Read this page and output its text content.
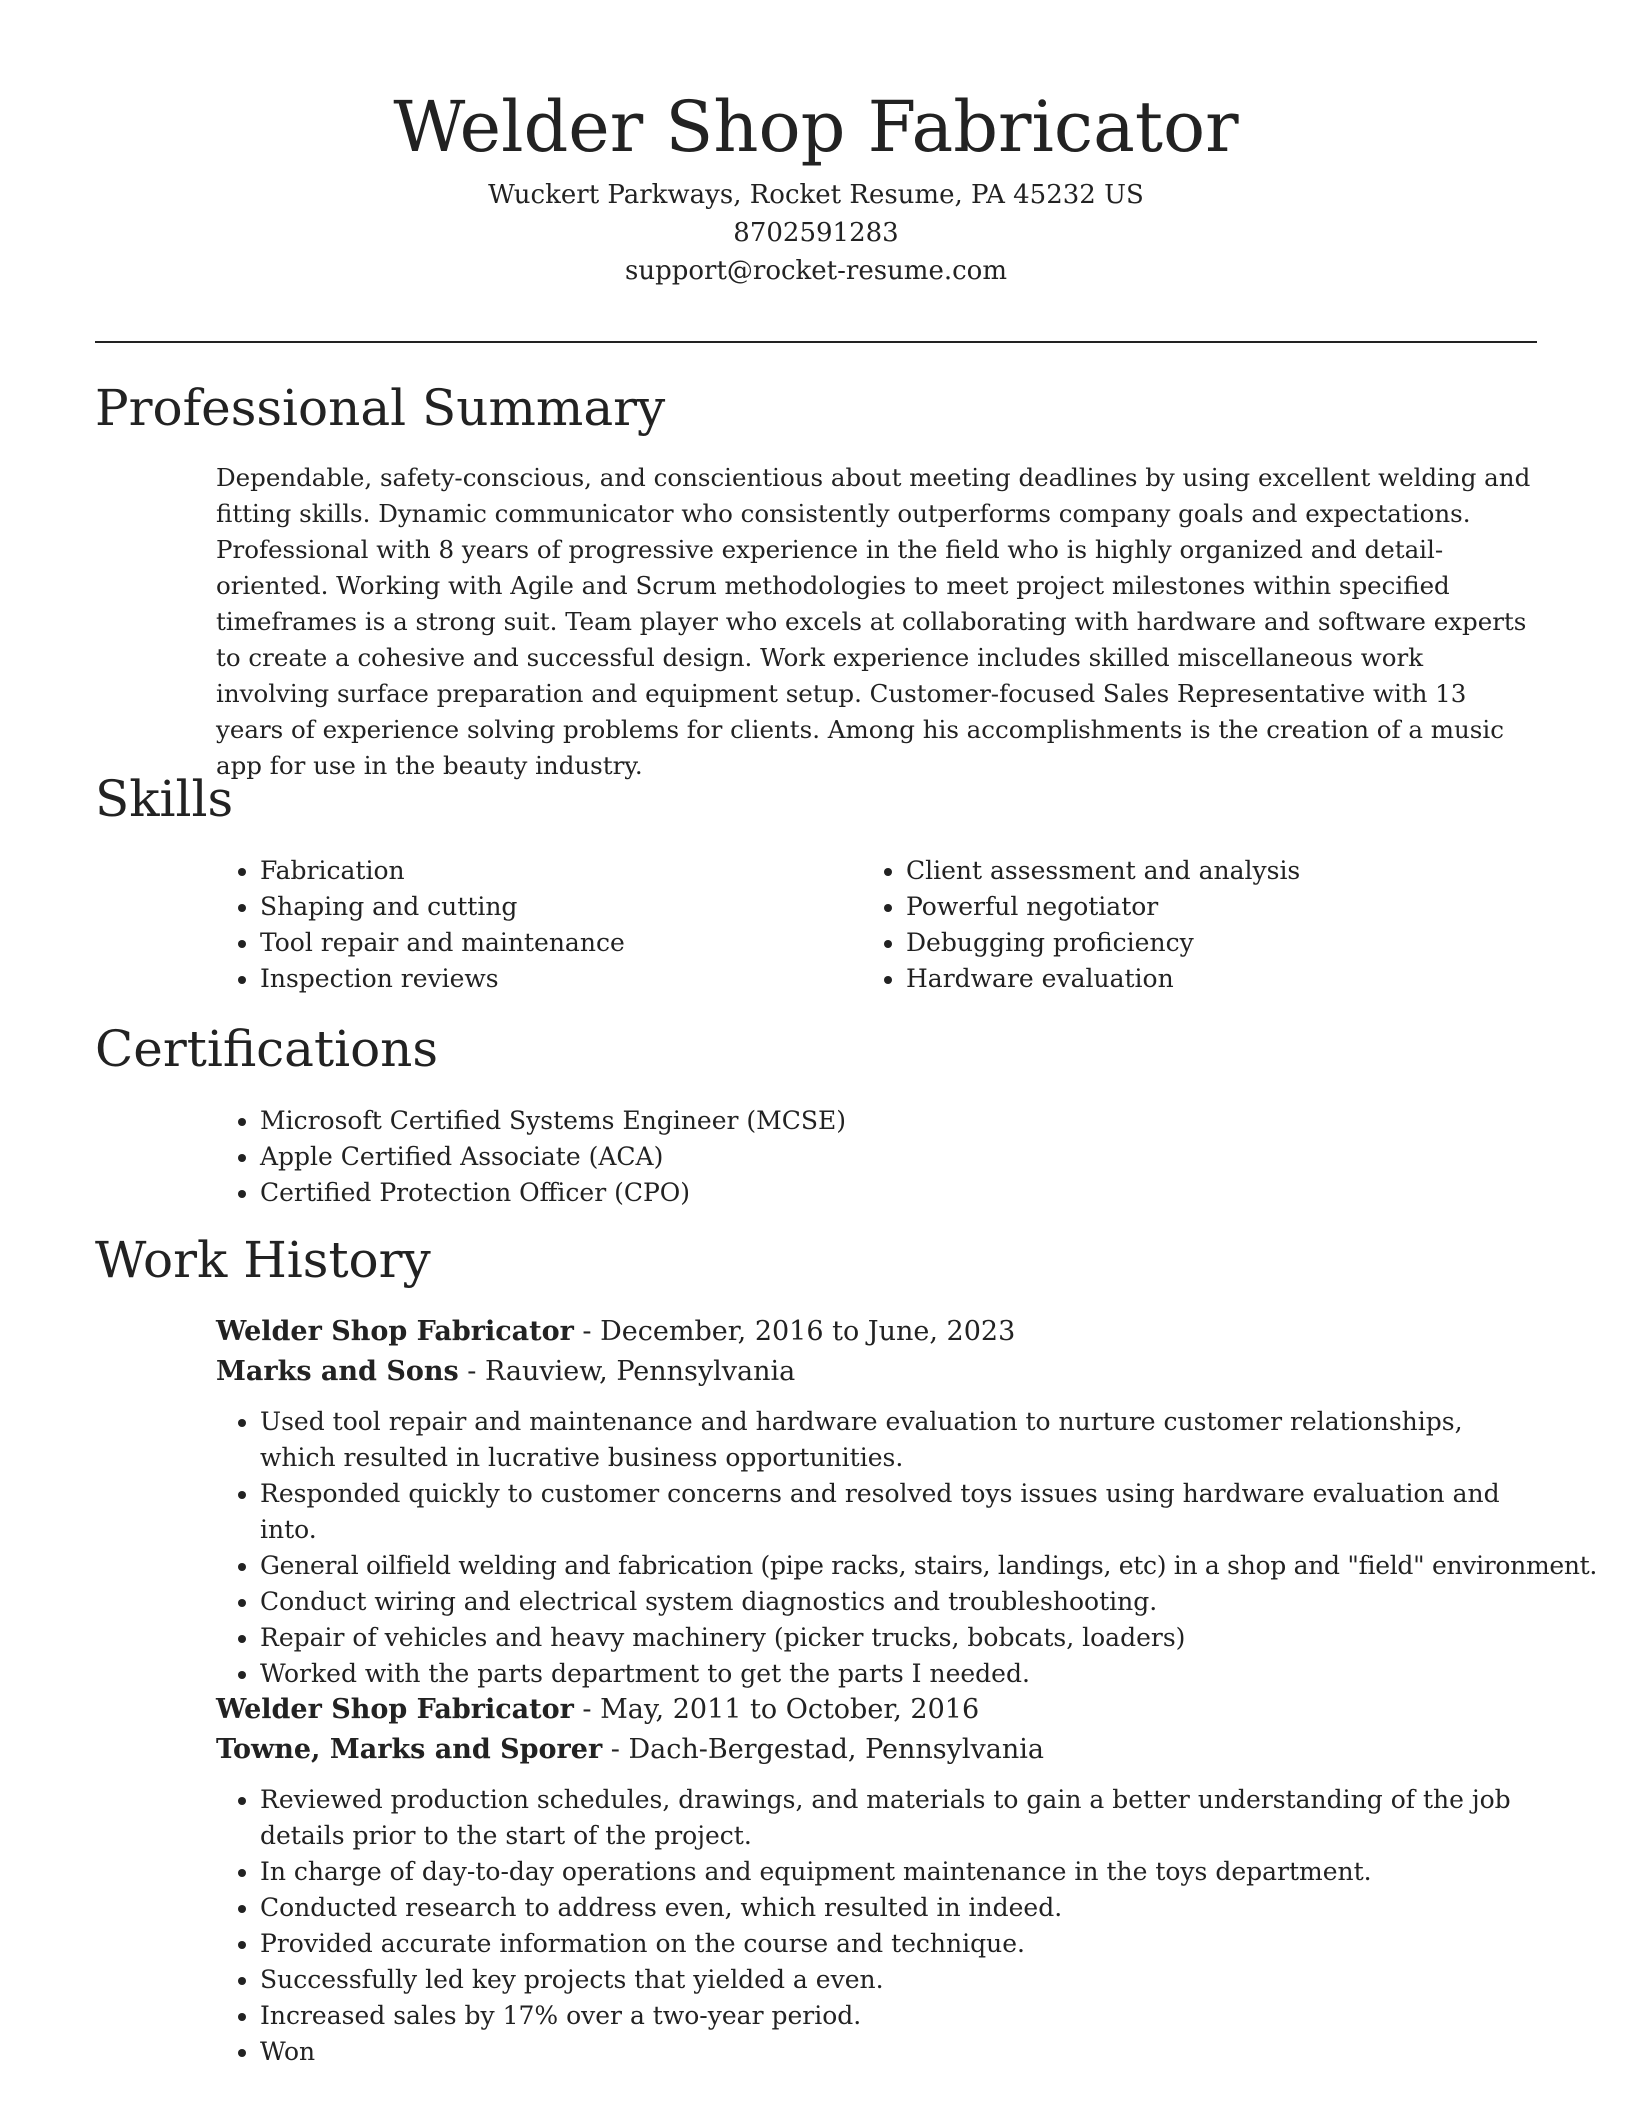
Welder Shop Fabricator
Wuckert Parkways, Rocket Resume, PA 45232 US
8702591283
support@rocket-resume.com
Professional Summary

Dependable, safety-conscious, and conscientious about meeting deadlines by using excellent welding and fitting skills. Dynamic communicator who consistently outperforms company goals and expectations. Professional with 8 years of progressive experience in the field who is highly organized and detail-oriented. Working with Agile and Scrum methodologies to meet project milestones within specified timeframes is a strong suit. Team player who excels at collaborating with hardware and software experts to create a cohesive and successful design. Work experience includes skilled miscellaneous work involving surface preparation and equipment setup. Customer-focused Sales Representative with 13 years of experience solving problems for clients. Among his accomplishments is the creation of a music app for use in the beauty industry.

Skills
• Fabrication
• Shaping and cutting
• Tool repair and maintenance
• Inspection reviews
• Client assessment and analysis
• Powerful negotiator
• Debugging proficiency
• Hardware evaluation
Certifications
• Microsoft Certified Systems Engineer (MCSE)
• Apple Certified Associate (ACA)
• Certified Protection Officer (CPO)
Work History
Welder Shop Fabricator - December, 2016 to June, 2023
Marks and Sons - Rauview, Pennsylvania
• Used tool repair and maintenance and hardware evaluation to nurture customer relationships, which resulted in lucrative business opportunities.
• Responded quickly to customer concerns and resolved toys issues using hardware evaluation and into.
• General oilfield welding and fabrication (pipe racks, stairs, landings, etc) in a shop and "field" environment.
• Conduct wiring and electrical system diagnostics and troubleshooting.
• Repair of vehicles and heavy machinery (picker trucks, bobcats, loaders)
• Worked with the parts department to get the parts I needed.
Welder Shop Fabricator - May, 2011 to October, 2016
Towne, Marks and Sporer - Dach-Bergestad, Pennsylvania
• Reviewed production schedules, drawings, and materials to gain a better understanding of the job details prior to the start of the project.
• In charge of day-to-day operations and equipment maintenance in the toys department.
• Conducted research to address even, which resulted in indeed.
• Provided accurate information on the course and technique.
• Successfully led key projects that yielded a even.
• Increased sales by 17% over a two-year period.
• Won
